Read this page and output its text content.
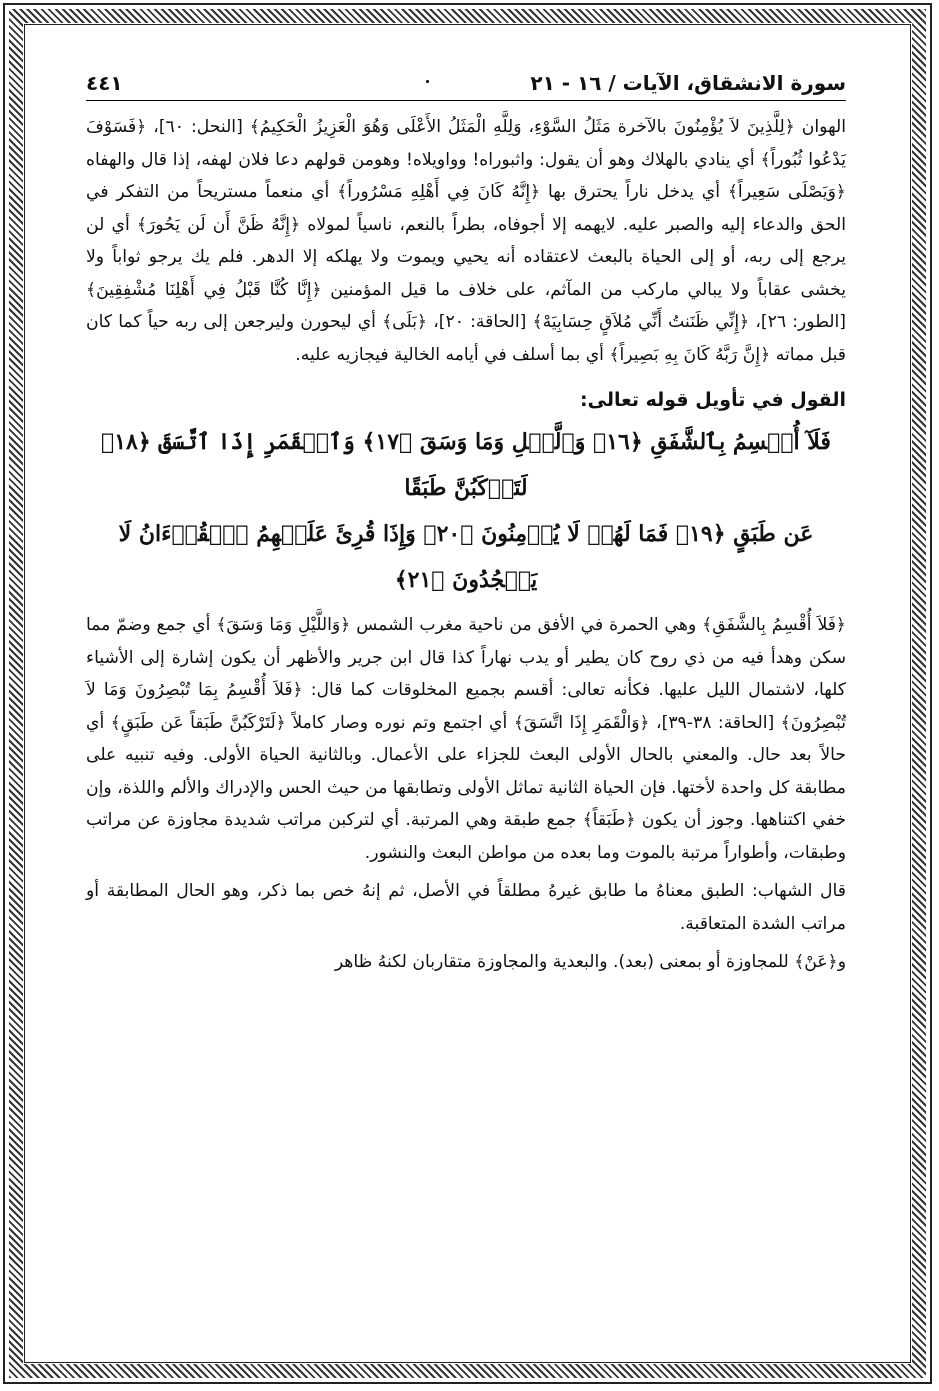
سورة الانشقاق، الآيات / ١٦ - ٢١
٤٤١

الهوان ﴿لِلَّذِينَ لاَ يُؤْمِنُونَ بالآخرة مَثَلُ السَّوْءِ، وَلِلَّهِ الْمَثَلُ الأَعْلَى وَهُوَ الْعَزِيزُ الْحَكِيمُ﴾ [النحل: ٦٠]، ﴿فَسَوْفَ يَدْعُوا ثُبُوراً﴾ أي ينادي بالهلاك وهو أن يقول: واثبوراه! وواويلاه! وهومن قولهم دعا فلان لهفه، إذا قال والهفاه ﴿وَيَصْلَى سَعِيراً﴾ أي يدخل ناراً يحترق بها ﴿إِنَّهُ كَانَ فِي أَهْلِهِ مَسْرُوراً﴾ أي منعماً مستريحاً من التفكر في الحق والدعاء إليه والصبر عليه. لايهمه إلا أجوفاه، بطراً بالنعم، ناسياً لمولاه ﴿إِنَّهُ ظَنَّ أَن لَن يَحُورَ﴾ أي لن يرجع إلى ربه، أو إلى الحياة بالبعث لاعتقاده أنه يحيي ويموت ولا يهلكه إلا الدهر. فلم يك يرجو ثواباً ولا يخشى عقاباً ولا يبالي ماركب من المآثم، على خلاف ما قيل المؤمنين ﴿إِنَّا كُنَّا قَبْلُ فِي أَهْلِنَا مُشْفِقِينَ﴾ [الطور: ٢٦]، ﴿إِنِّي ظَنَنتُ أَنِّي مُلاَقٍ حِسَابِيَهْ﴾ [الحاقة: ٢٠]، ﴿بَلَى﴾ أي ليحورن وليرجعن إلى ربه حياً كما كان قبل مماته ﴿إِنَّ رَبَّهُ كَانَ بِهِ بَصِيراً﴾ أي بما أسلف في أيامه الخالية فيجازيه عليه.

القول في تأويل قوله تعالى:
فَلَآ أُقۡسِمُ بِٱلشَّفَقِ ﴿١٦﴾ وَٱلَّيۡلِ وَمَا وَسَقَ ﴿١٧﴾ وَٱلۡقَمَرِ إِذَا ٱتَّسَقَ ﴿١٨﴾ لَتَرۡكَبُنَّ طَبَقًا
عَن طَبَقٍ ﴿١٩﴾ فَمَا لَهُمۡ لَا يُؤۡمِنُونَ ﴿٢٠﴾ وَإِذَا قُرِئَ عَلَيۡهِمُ ٱلۡقُرۡءَانُ لَا يَسۡجُدُونَ ﴿٢١﴾

﴿فَلاَ أُقْسِمُ بِالشَّفَقِ﴾ وهي الحمرة في الأفق من ناحية مغرب الشمس ﴿وَاللَّيْلِ وَمَا وَسَقَ﴾ أي جمع وضمّ مما سكن وهدأ فيه من ذي روح كان يطير أو يدب نهاراً كذا قال ابن جرير والأظهر أن يكون إشارة إلى الأشياء كلها، لاشتمال الليل عليها. فكأنه تعالى: أقسم بجميع المخلوقات كما قال: ﴿فَلاَ أُقْسِمُ بِمَا تُبْصِرُونَ وَمَا لاَ تُبْصِرُونَ﴾ [الحاقة: ٣٨-٣٩]، ﴿وَالْقَمَرِ إِذَا اتَّسَقَ﴾ أي اجتمع وتم نوره وصار كاملاً ﴿لَتَرْكَبُنَّ طَبَقاً عَن طَبَقٍ﴾ أي حالاً بعد حال. والمعني بالحال الأولى البعث للجزاء على الأعمال. وبالثانية الحياة الأولى. وفيه تنبيه على مطابقة كل واحدة لأختها. فإن الحياة الثانية تماثل الأولى وتطابقها من حيث الحس والإدراك والألم واللذة، وإن خفي اكتناهها. وجوز أن يكون ﴿طَبَقاً﴾ جمع طبقة وهي المرتبة. أي لتركبن مراتب شديدة مجاوزة عن مراتب وطبقات، وأطواراً مرتبة بالموت وما بعده من مواطن البعث والنشور.

قال الشهاب: الطبق معناهُ ما طابق غيرهُ مطلقاً في الأصل، ثم إنهُ خص بما ذكر، وهو الحال المطابقة أو مراتب الشدة المتعاقبة.

و﴿عَنْ﴾ للمجاوزة أو بمعنى (بعد). والبعدية والمجاوزة متقاربان لكنهُ ظاهر
